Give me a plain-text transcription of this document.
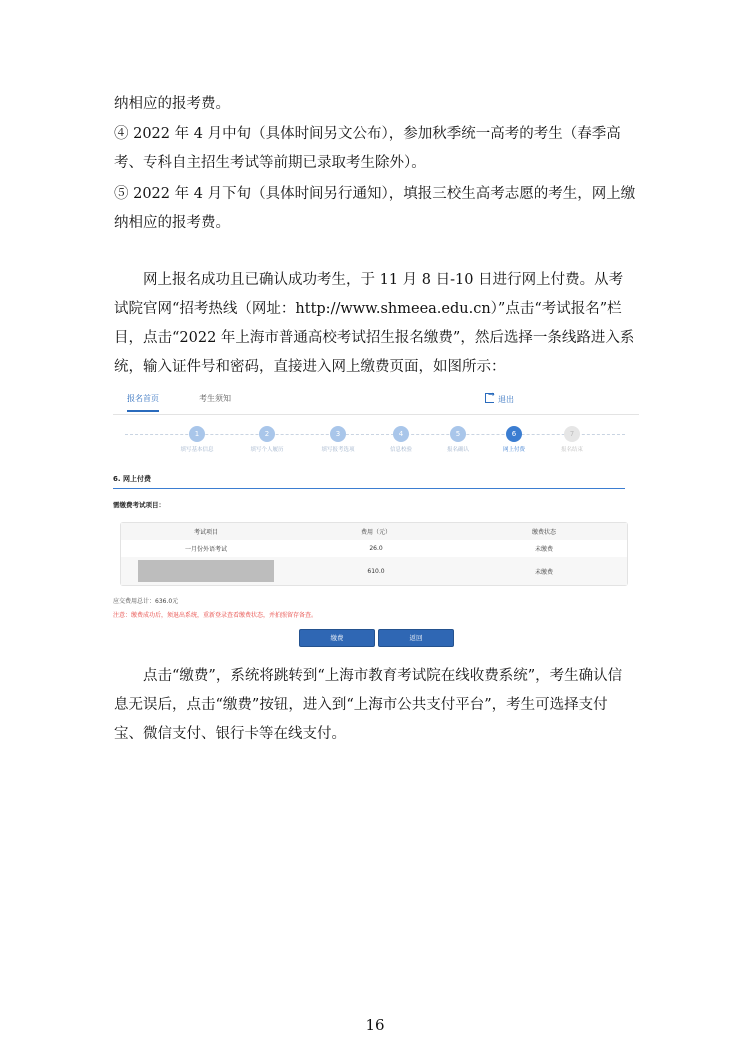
纳相应的报考费。
④ 2022 年 4 月中旬（具体时间另文公布），参加秋季统一高考的考生（春季高考、专科自主招生考试等前期已录取考生除外）。
⑤ 2022 年 4 月下旬（具体时间另行通知），填报三校生高考志愿的考生，网上缴纳相应的报考费。
网上报名成功且已确认成功考生，于 11 月 8 日-10 日进行网上付费。从考试院官网“招考热线（网址：http://www.shmeea.edu.cn）”点击“考试报名”栏目，点击“2022 年上海市普通高校考试招生报名缴费”，然后选择一条线路进入系统，输入证件号和密码，直接进入网上缴费页面，如图所示：
报名首页	考生须知
→	退出
1
填写基本信息
2
填写个人履历
3
填写报考选项
4
信息校验
5
报名确认
6
网上付费
7
报名结束
6. 网上付费
需缴费考试项目：
考试项目	费用（元）	缴费状态
一月份外语考试	26.0	未缴费
610.0	未缴费
应交费用总计：636.0元
注意：缴费成功后，须退出系统，重新登录查看缴费状态，并拍照留存备查。
缴费	返回
点击“缴费”，系统将跳转到“上海市教育考试院在线收费系统”，考生确认信息无误后，点击“缴费”按钮，进入到“上海市公共支付平台”，考生可选择支付宝、微信支付、银行卡等在线支付。
16
